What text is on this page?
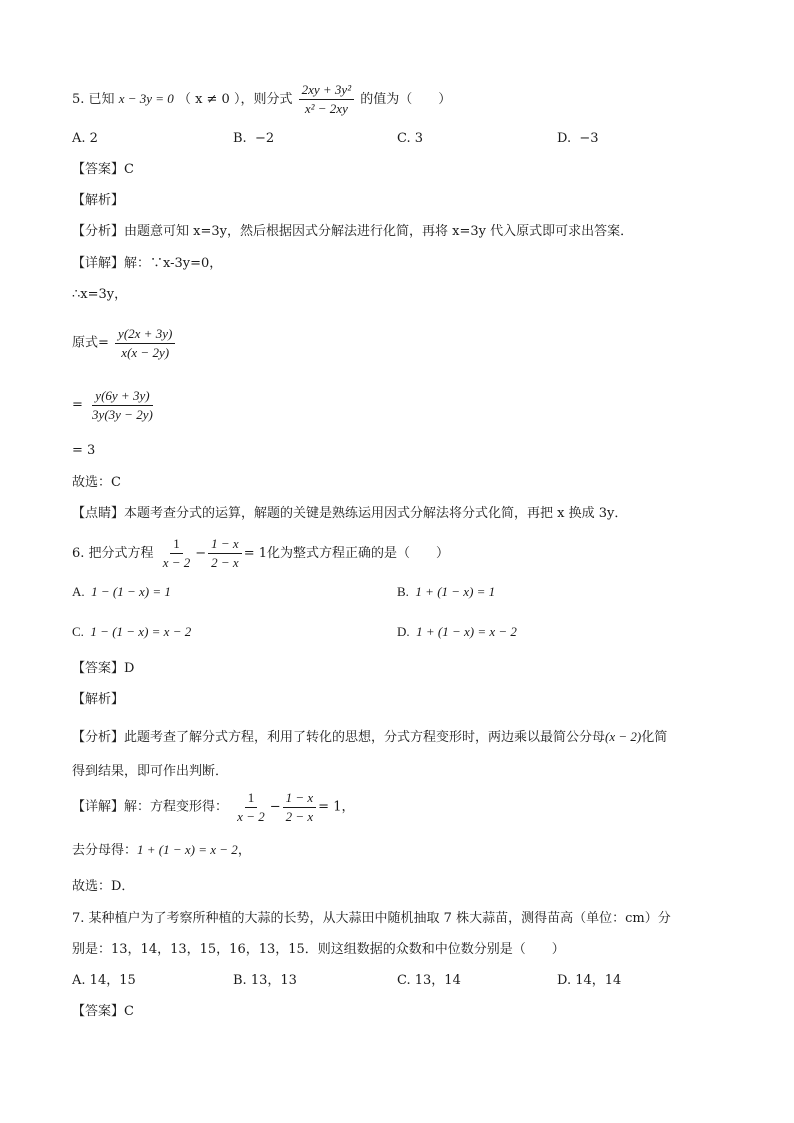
5. 已知 x − 3y = 0 （ x ≠ 0 ），则分式 $\frac{\text{2xy + 3y²}}{\text{x² − 2xy}}$ 的值为（　　）
A. 2	B. −2	C. 3	D. −3
【答案】C
【解析】
【分析】由题意可知 x=3y，然后根据因式分解法进行化简，再将 x=3y 代入原式即可求出答案．
【详解】解：∵x-3y=0，
∴x=3y，
原式= $\frac{y(2x + 3y)}{x(x - 2y)}$
= $\frac{y(6y + 3y)}{3y(3y - 2y)}$
= 3
故选：C
【点睛】本题考查分式的运算，解题的关键是熟练运用因式分解法将分式化简，再把 x 换成 3y．
6. 把分式方程 $\frac{1}{x - 2} - \frac{1 - x}{2 - x} = 1$化为整式方程正确的是（　　）
A. 1 − (1 − x) = 1	B. 1 + (1 − x) = 1
C. 1 − (1 − x) = x − 2	D. 1 + (1 − x) = x − 2
【答案】D
【解析】
【分析】此题考查了解分式方程，利用了转化的思想，分式方程变形时，两边乘以最简公分母(x − 2)化简
得到结果，即可作出判断．
【详解】解：方程变形得： $\frac{1}{x - 2} - \frac{1 - x}{2 - x} = 1$，
去分母得：1 + (1 − x) = x − 2，
故选：D．
7. 某种植户为了考察所种植的大蒜的长势，从大蒜田中随机抽取 7 株大蒜苗，测得苗高（单位：cm）分
别是：13，14，13，15，16，13，15．则这组数据的众数和中位数分别是（　　）
A. 14，15	B. 13，13	C. 13，14	D. 14，14
【答案】C
